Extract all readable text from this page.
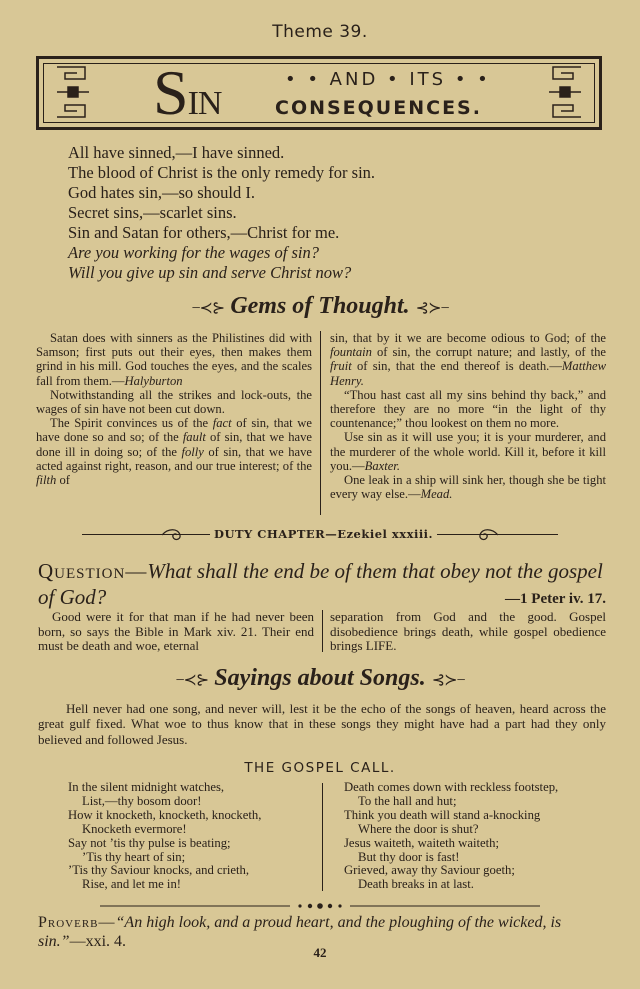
Theme 39.
SIN
• • AND • ITS • •
CONSEQUENCES.
All have sinned,—I have sinned.
The blood of Christ is the only remedy for sin.
God hates sin,—so should I.
Secret sins,—scarlet sins.
Sin and Satan for others,—Christ for me.
Are you working for the wages of sin?
Will you give up sin and serve Christ now?
−≺⊱ Gems of Thought. ⊰≻−

Satan does with sinners as the Philistines did with Samson; first puts out their eyes, then makes them grind in his mill. God touches the eyes, and the scales fall from them.—Halyburton

Notwithstanding all the strikes and lock-outs, the wages of sin have not been cut down.

The Spirit convinces us of the fact of sin, that we have done so and so; of the fault of sin, that we have done ill in doing so; of the folly of sin, that we have acted against right, reason, and our true interest; of the filth of

sin, that by it we are become odious to God; of the fountain of sin, the corrupt nature; and lastly, of the fruit of sin, that the end thereof is death.—Matthew Henry.

“Thou hast cast all my sins behind thy back,” and therefore they are no more “in the light of thy countenance;” thou lookest on them no more.

Use sin as it will use you; it is your murderer, and the murderer of the whole world. Kill it, before it kill you.—Baxter.

One leak in a ship will sink her, though she be tight every way else.—Mead.

DUTY CHAPTER—Ezekiel xxxiii.
Question—What shall the end be of them that obey not the gospel of God?	—1 Peter iv. 17.

Good were it for that man if he had never been born, so says the Bible in Mark xiv. 21. Their end must be death and woe, eternal

separation from God and the good. Gospel disobedience brings death, while gospel obedience brings LIFE.

−≺⊱ Sayings about Songs. ⊰≻−
Hell never had one song, and never will, lest it be the echo of the songs of heaven, heard across the great gulf fixed. What woe to thus know that in these songs they might have had a part had they only believed and followed Jesus.
THE GOSPEL CALL.
In the silent midnight watches,
List,—thy bosom door!
How it knocketh, knocketh, knocketh,
Knocketh evermore!
Say not ’tis thy pulse is beating;
’Tis thy heart of sin;
’Tis thy Saviour knocks, and crieth,
Rise, and let me in!
Death comes down with reckless footstep,
To the hall and hut;
Think you death will stand a-knocking
Where the door is shut?
Jesus waiteth, waiteth waiteth;
But thy door is fast!
Grieved, away thy Saviour goeth;
Death breaks in at last.
Proverb—“An high look, and a proud heart, and the ploughing of the wicked, is sin.”—xxi. 4.
42
